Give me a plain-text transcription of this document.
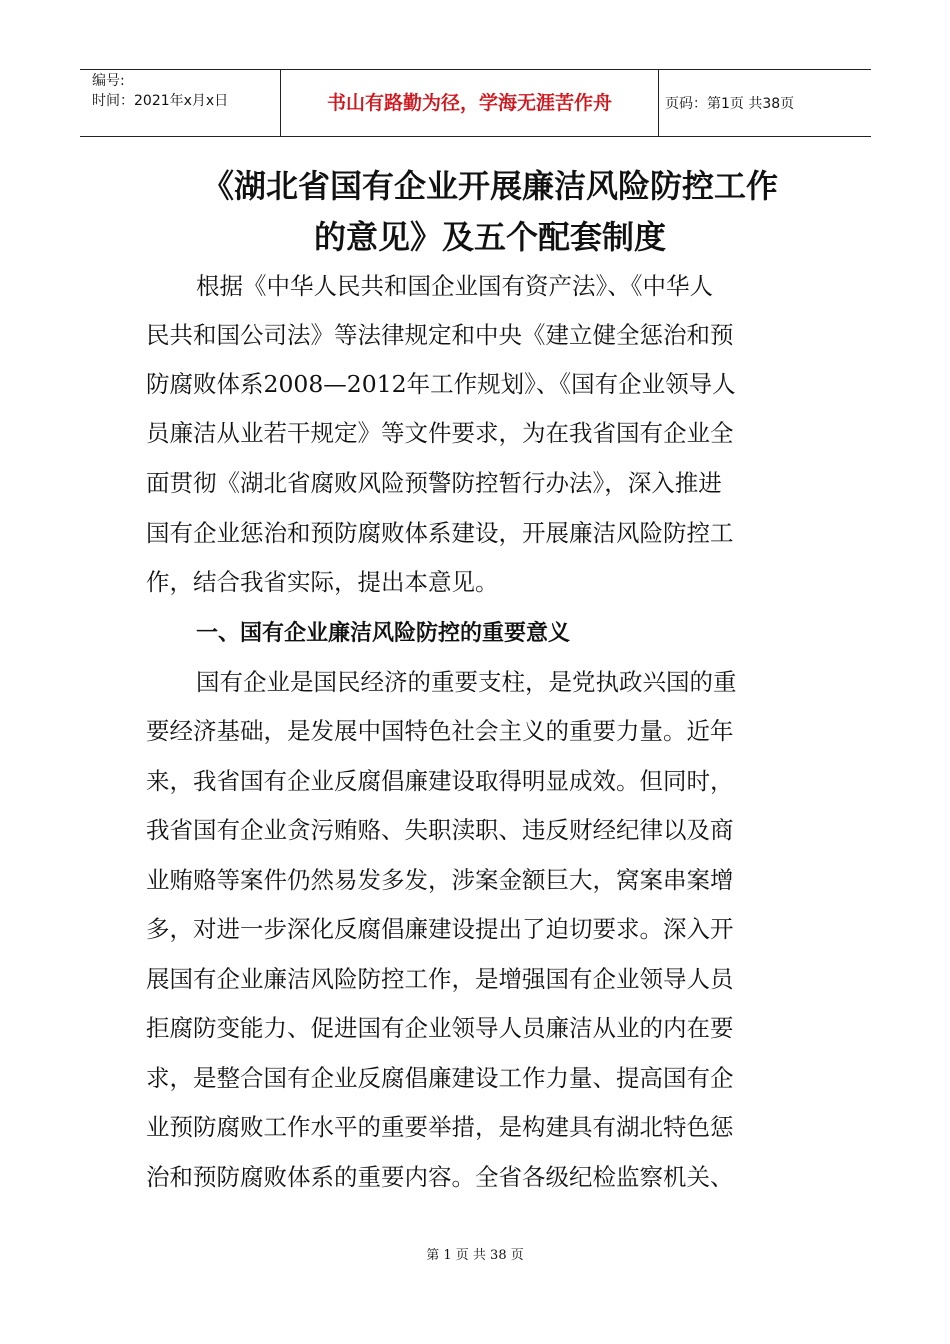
编号:
时间：2021年x月x日	书山有路勤为径，学海无涯苦作舟	页码：第1页 共38页
《湖北省国有企业开展廉洁风险防控工作
的意见》及五个配套制度
根据《中华人民共和国企业国有资产法》、《中华人
民共和国公司法》等法律规定和中央《建立健全惩治和预
防腐败体系2008—2012年工作规划》、《国有企业领导人
员廉洁从业若干规定》等文件要求，为在我省国有企业全
面贯彻《湖北省腐败风险预警防控暂行办法》，深入推进
国有企业惩治和预防腐败体系建设，开展廉洁风险防控工
作，结合我省实际，提出本意见。
一、国有企业廉洁风险防控的重要意义
国有企业是国民经济的重要支柱，是党执政兴国的重
要经济基础，是发展中国特色社会主义的重要力量。近年
来，我省国有企业反腐倡廉建设取得明显成效。但同时，
我省国有企业贪污贿赂、失职渎职、违反财经纪律以及商
业贿赂等案件仍然易发多发，涉案金额巨大，窝案串案增
多，对进一步深化反腐倡廉建设提出了迫切要求。深入开
展国有企业廉洁风险防控工作，是增强国有企业领导人员
拒腐防变能力、促进国有企业领导人员廉洁从业的内在要
求，是整合国有企业反腐倡廉建设工作力量、提高国有企
业预防腐败工作水平的重要举措，是构建具有湖北特色惩
治和预防腐败体系的重要内容。全省各级纪检监察机关、
第 1 页 共 38 页
